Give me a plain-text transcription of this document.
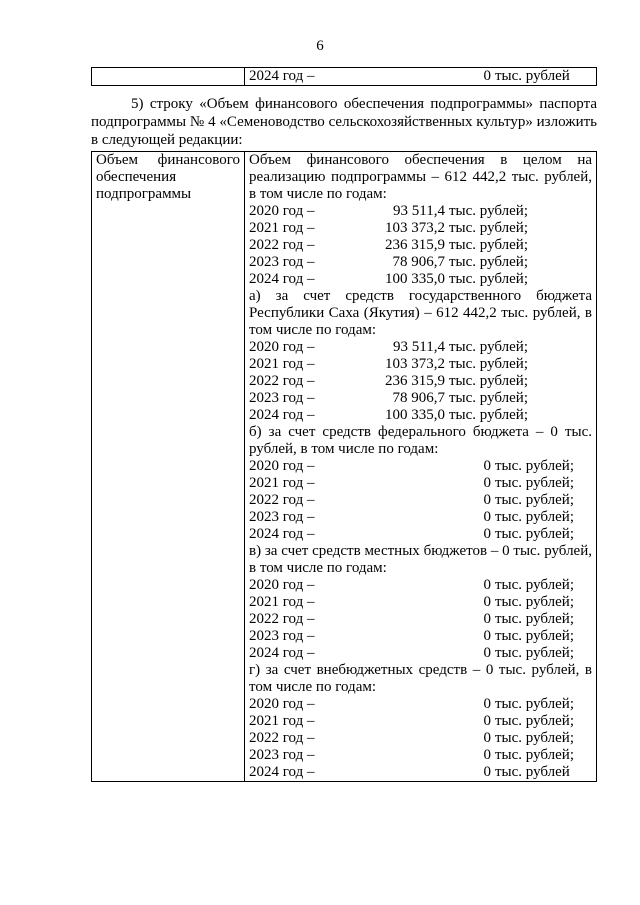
6

2024 год –	0 тыс. рублей
5) строку «Объем финансового обеспечения подпрограммы» паспорта подпрограммы № 4 «Семеноводство сельскохозяйственных культур» изложить в следующей редакции:
Объем финансового обеспечения подпрограммы	
Объем финансового обеспечения в целом на реализацию подпрограммы – 612 442,2 тыс. рублей, в том числе по годам:
2020 год –	93 511,4 тыс. рублей;
2021 год –	103 373,2 тыс. рублей;
2022 год –	236 315,9 тыс. рублей;
2023 год –	78 906,7 тыс. рублей;
2024 год –	100 335,0 тыс. рублей;
а) за счет средств государственного бюджета Республики Саха (Якутия) – 612 442,2 тыс. рублей, в том числе по годам:
2020 год –	93 511,4 тыс. рублей;
2021 год –	103 373,2 тыс. рублей;
2022 год –	236 315,9 тыс. рублей;
2023 год –	78 906,7 тыс. рублей;
2024 год –	100 335,0 тыс. рублей;
б) за счет средств федерального бюджета – 0 тыс. рублей, в том числе по годам:
2020 год –	0 тыс. рублей;
2021 год –	0 тыс. рублей;
2022 год –	0 тыс. рублей;
2023 год –	0 тыс. рублей;
2024 год –	0 тыс. рублей;
в) за счет средств местных бюджетов – 0 тыс. рублей, в том числе по годам:
2020 год –	0 тыс. рублей;
2021 год –	0 тыс. рублей;
2022 год –	0 тыс. рублей;
2023 год –	0 тыс. рублей;
2024 год –	0 тыс. рублей;
г) за счет внебюджетных средств – 0 тыс. рублей, в том числе по годам:
2020 год –	0 тыс. рублей;
2021 год –	0 тыс. рублей;
2022 год –	0 тыс. рублей;
2023 год –	0 тыс. рублей;
2024 год –	0 тыс. рублей
